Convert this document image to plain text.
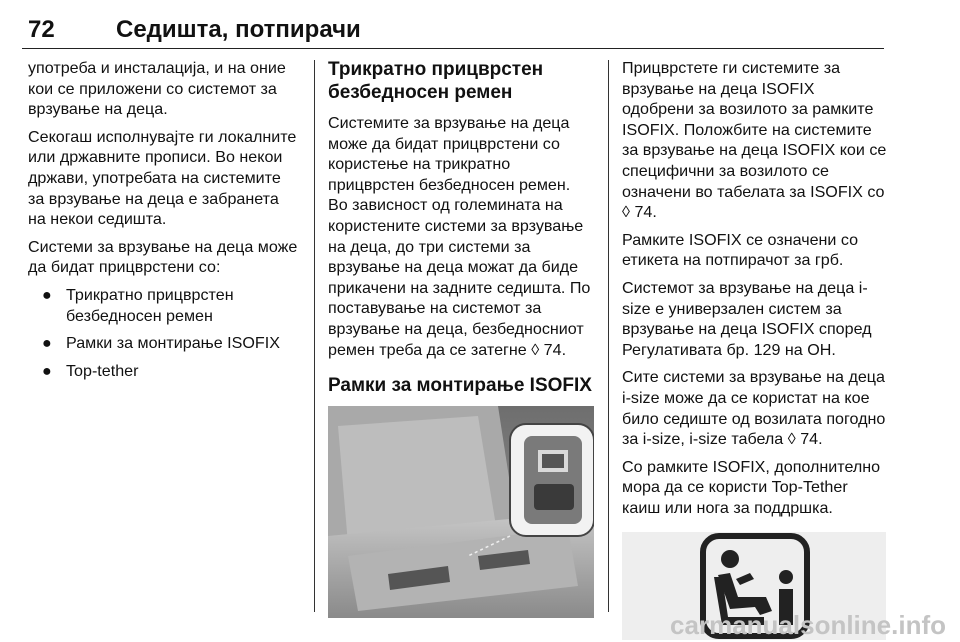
72	Седишта, потпирачи

употреба и инсталација, и на оние кои се приложени со системот за врзување на деца.

Секогаш исполнувајте ги локалните или државните прописи. Во некои држави, употребата на системите за врзување на деца е забранета на некои седишта.

Системи за врзување на деца може да бидат прицврстени со:

● Трикратно прицврстен безбедносен ремен
● Рамки за монтирање ISOFIX
● Top-tether
Трикратно прицврстен безбедносен ремен

Системите за врзување на деца може да бидат прицврстени со користење на трикратно прицврстен безбедносен ремен. Во зависност од големината на користените системи за врзување на деца, до три системи за врзување на деца можат да биде прикачени на задните седишта. По поставувањe на системот за врзување на деца, безбедносниот ремен треба да се затегне ◊ 74.

Рамки за монтирање ISOFIX

Прицврстете ги системите за врзување на деца ISOFIX одобрени за возилото за рамките ISOFIX. Положбите на системите за врзување на деца ISOFIX кои се специфични за возилото се означени во табелата за ISOFIX со ◊ 74.

Рамките ISOFIX се означени со етикета на потпирачот за грб.

Системот за врзување на деца i-size е универзален систем за врзување на деца ISOFIX според Регулативата бр. 129 на ОН.

Сите системи за врзување на деца i-size може да се користат на кое било седиште од возилата погодно за i-size, i-size табела ◊ 74.

Со рамките ISOFIX, дополнително мора да се користи Top-Tether каиш или нога за поддршка.

carmanualsonline.info
